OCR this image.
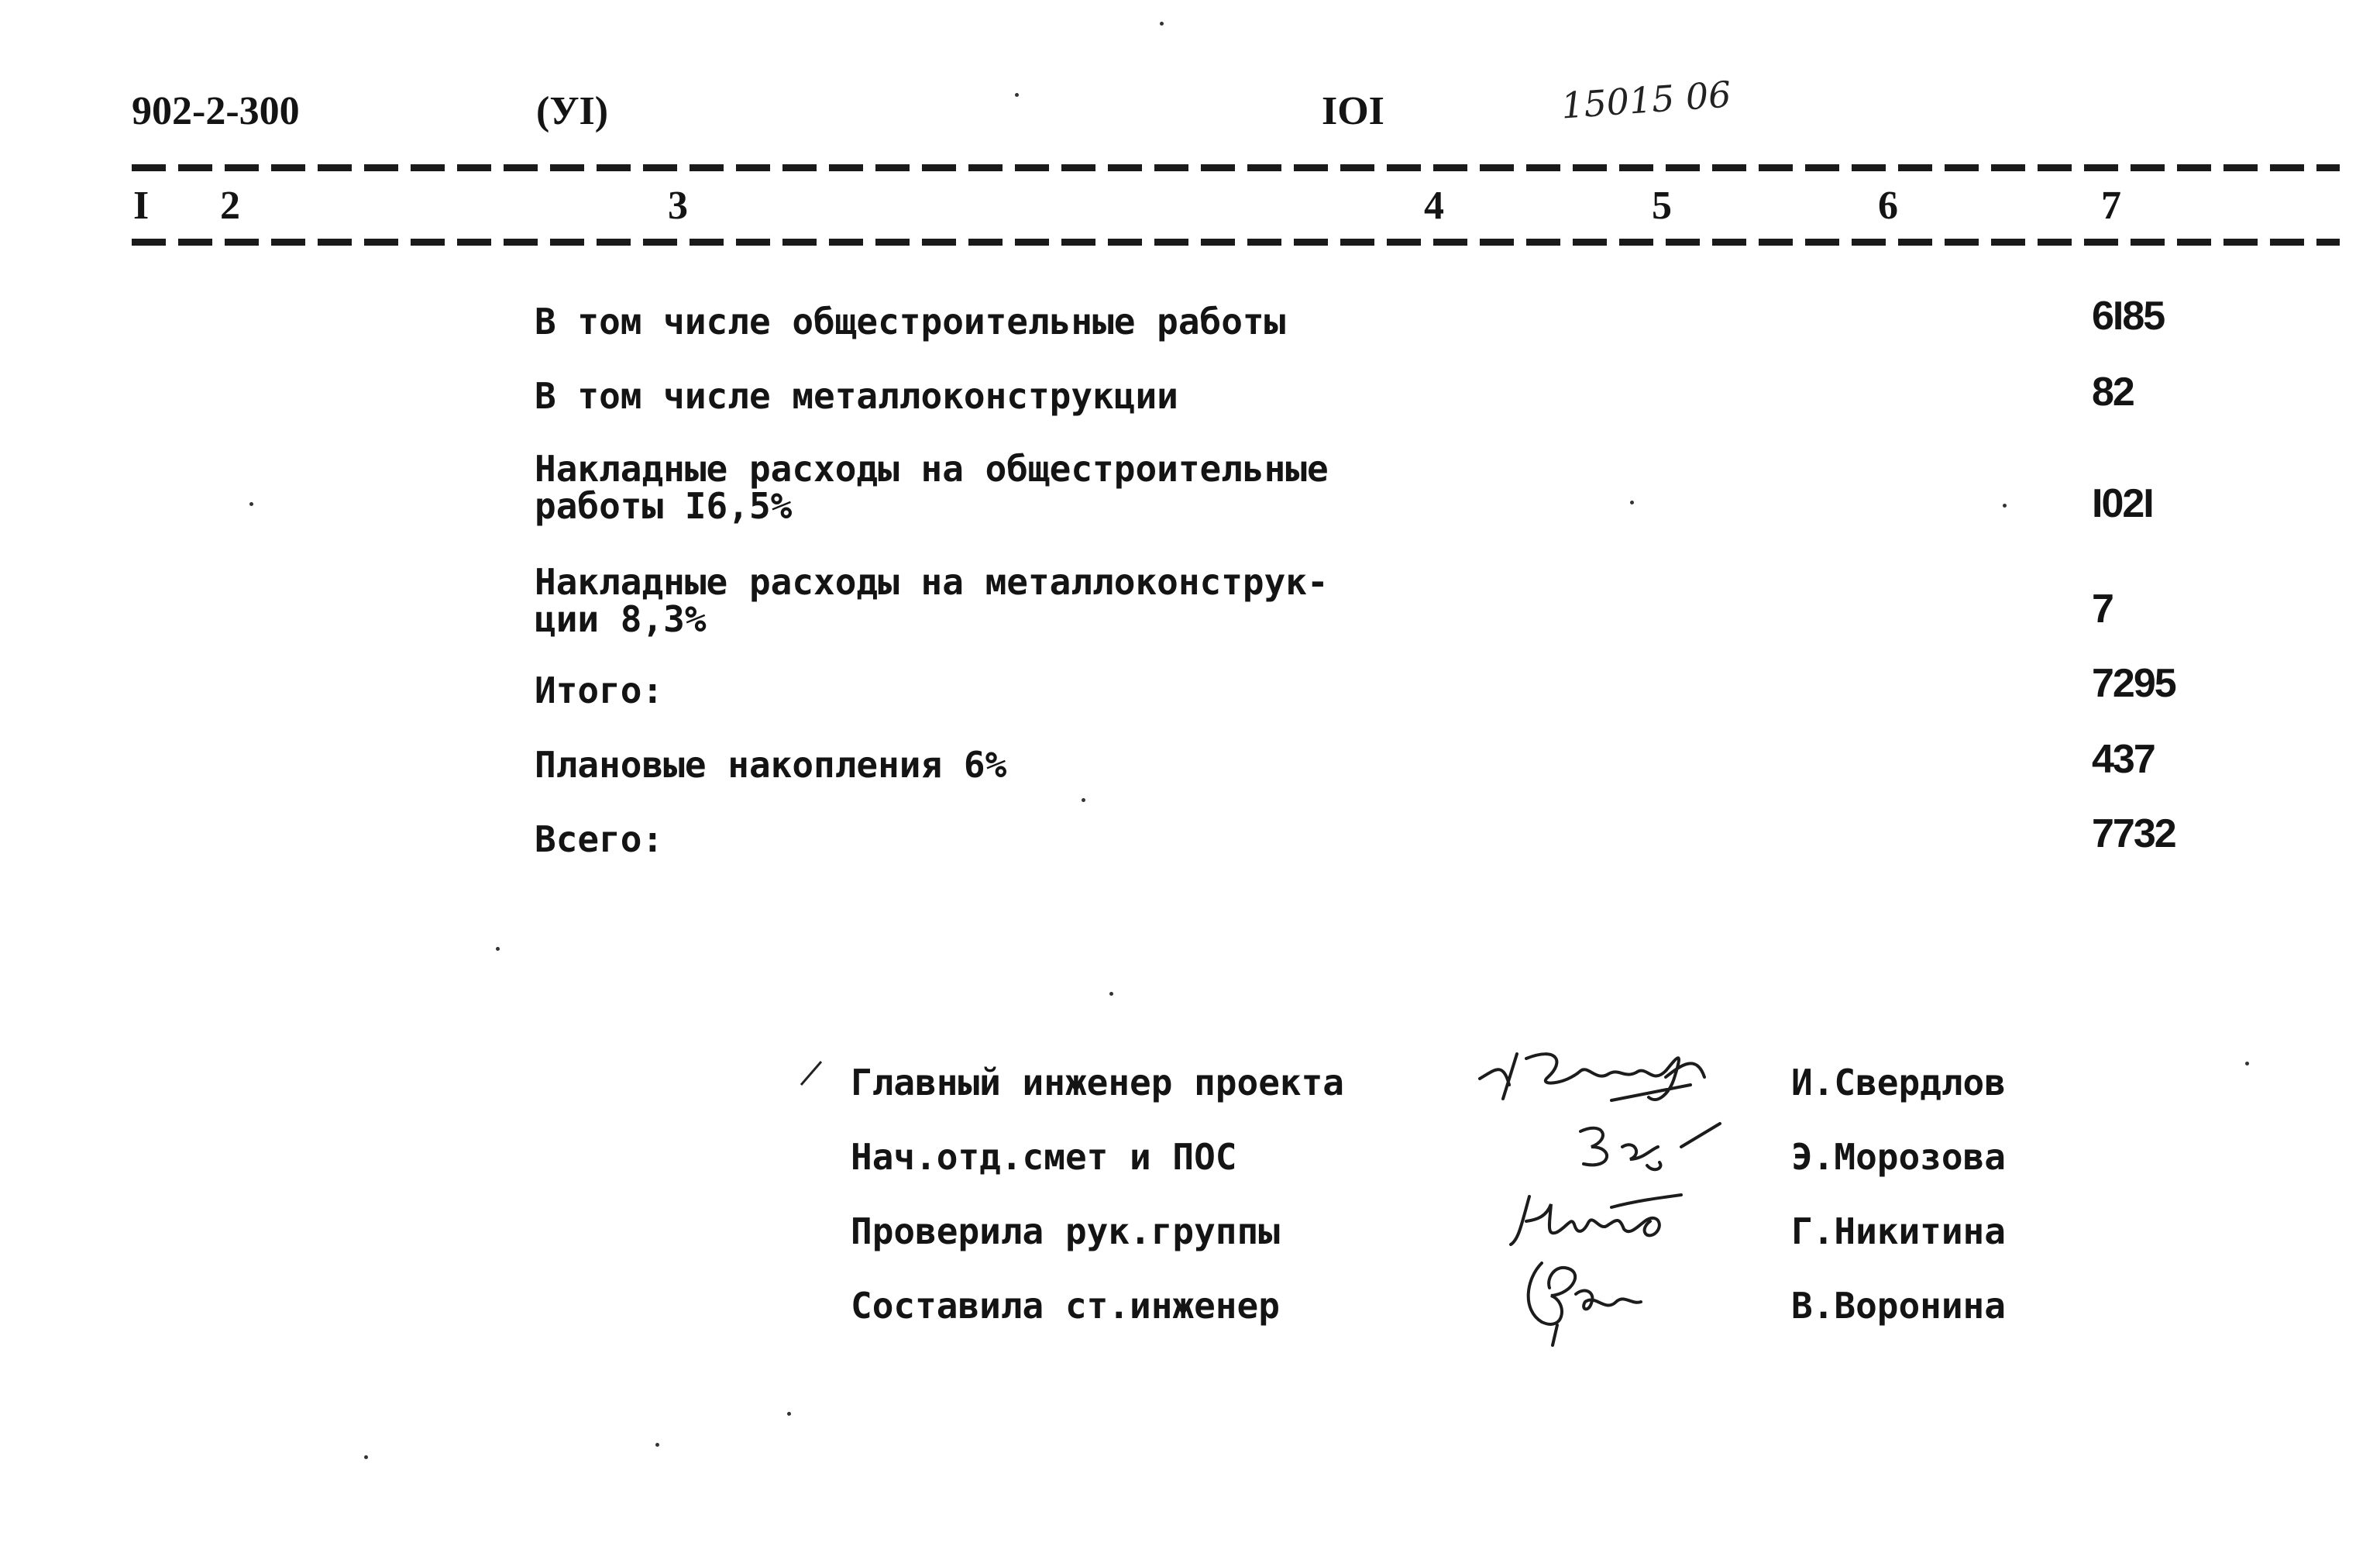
902-2-300	(УI)	IOI	15015 06
I 2	3	4	5	6	7
В том числе общестроительные работы	6I85
В том числе металлоконструкции	82
Накладные расходы на общестроительные
работы I6,5%	I02I
Накладные расходы на металлоконструк-
ции 8,3%	7
Итого:	7295
Плановые накопления 6%	437
Всего:	7732
Главный инженер проекта	И.Свердлов
Нач.отд.смет и ПОС	Э.Морозова
Проверила рук.группы	Г.Никитина
Составила ст.инженер	В.Воронина
